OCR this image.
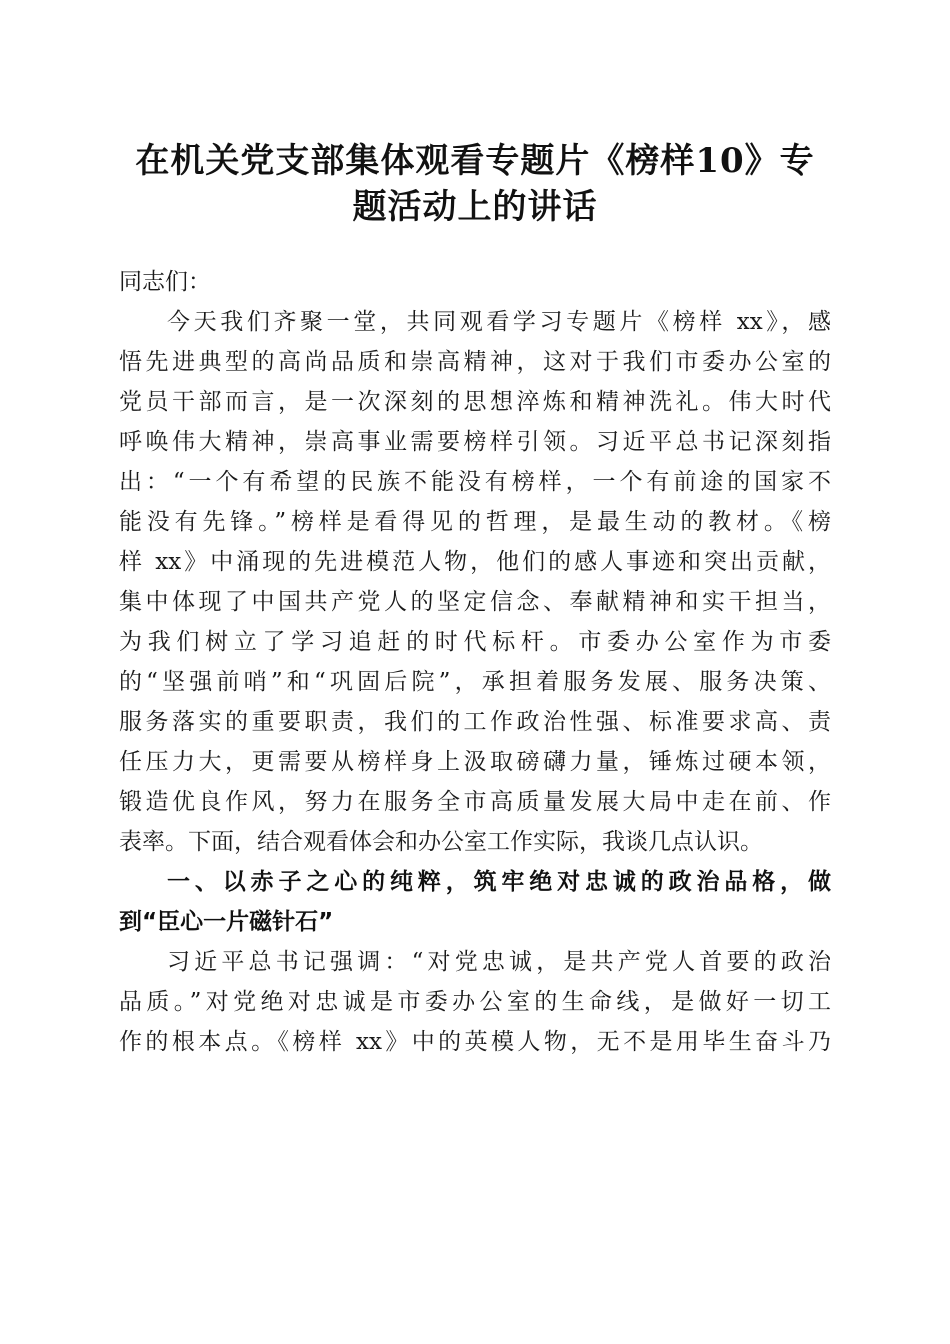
在机关党支部集体观看专题片《榜样10》专
题活动上的讲话
同志们：
今天我们齐聚一堂，共同观看学习专题片《榜样 xx》，感
悟先进典型的高尚品质和崇高精神，这对于我们市委办公室的
党员干部而言，是一次深刻的思想淬炼和精神洗礼。伟大时代
呼唤伟大精神，崇高事业需要榜样引领。习近平总书记深刻指
出：“一个有希望的民族不能没有榜样，一个有前途的国家不
能没有先锋。”榜样是看得见的哲理，是最生动的教材。《榜
样 xx》中涌现的先进模范人物，他们的感人事迹和突出贡献，
集中体现了中国共产党人的坚定信念、奉献精神和实干担当，
为我们树立了学习追赶的时代标杆。市委办公室作为市委
的“坚强前哨”和“巩固后院”，承担着服务发展、服务决策、
服务落实的重要职责，我们的工作政治性强、标准要求高、责
任压力大，更需要从榜样身上汲取磅礴力量，锤炼过硬本领，
锻造优良作风，努力在服务全市高质量发展大局中走在前、作
表率。下面，结合观看体会和办公室工作实际，我谈几点认识。
一、以赤子之心的纯粹，筑牢绝对忠诚的政治品格，做
到“臣心一片磁针石”
习近平总书记强调：“对党忠诚，是共产党人首要的政治
品质。”对党绝对忠诚是市委办公室的生命线，是做好一切工
作的根本点。《榜样 xx》中的英模人物，无不是用毕生奋斗乃
